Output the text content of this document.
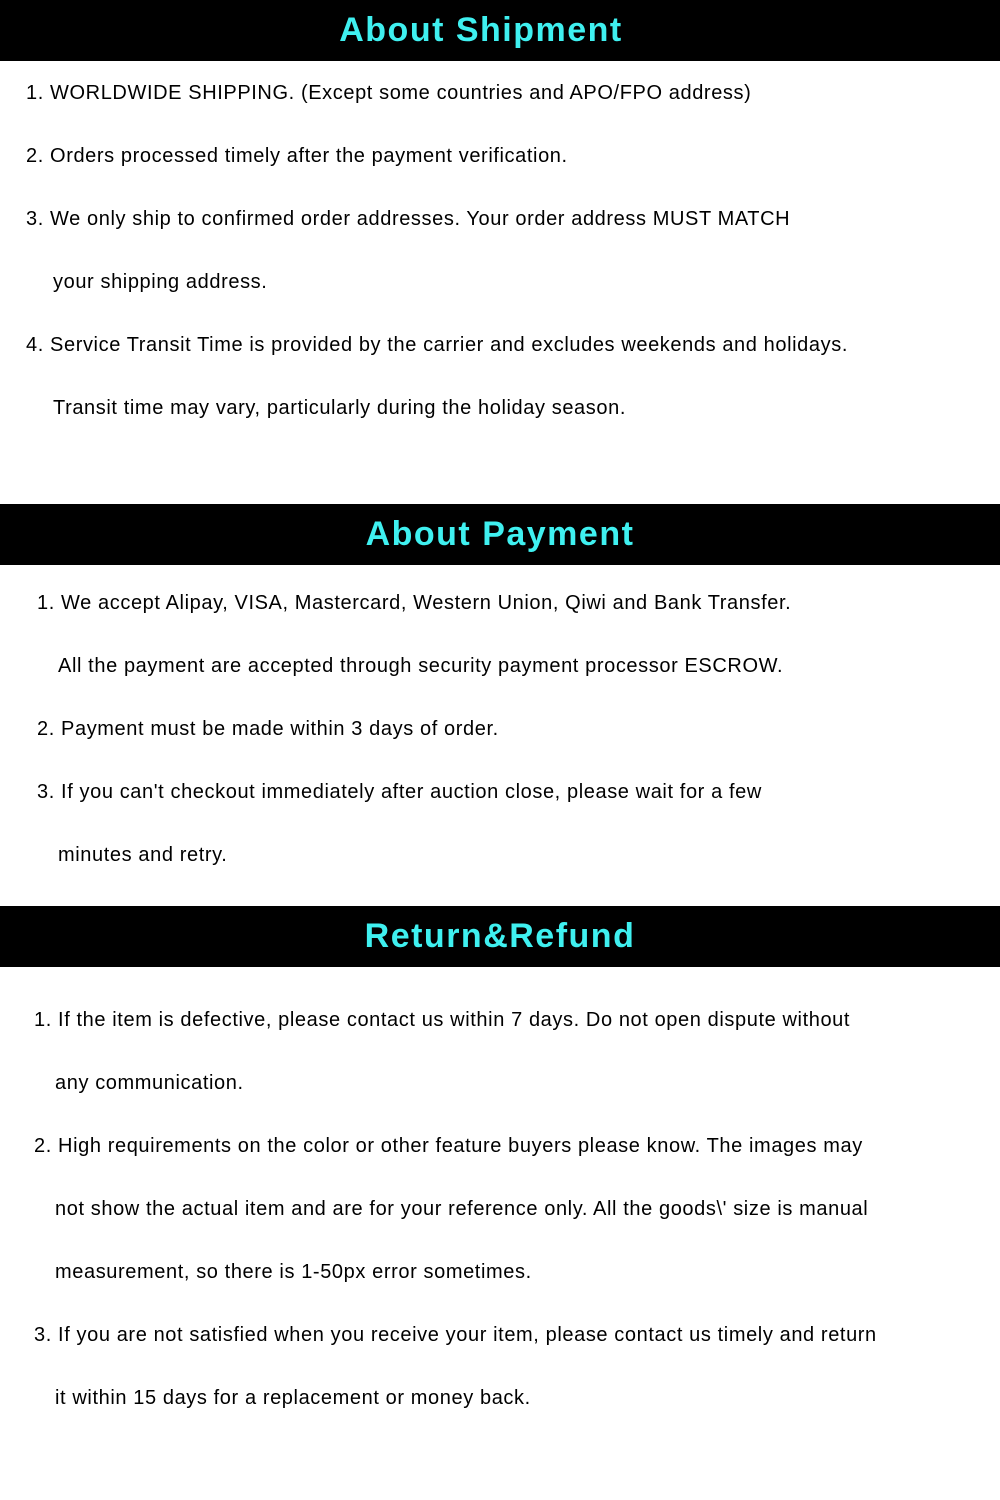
About Shipment
1. WORLDWIDE SHIPPING. (Except some countries and APO/FPO address)
2. Orders processed timely after the payment verification.
3. We only ship to confirmed order addresses. Your order address MUST MATCH
your shipping address.
4. Service Transit Time is provided by the carrier and excludes weekends and holidays.
Transit time may vary, particularly during the holiday season.
About Payment
1. We accept Alipay, VISA, Mastercard, Western Union, Qiwi and Bank Transfer.
All the payment are accepted through security payment processor ESCROW.
2. Payment must be made within 3 days of order.
3. If you can't checkout immediately after auction close, please wait for a few
minutes and retry.
Return&Refund
1. If the item is defective, please contact us within 7 days. Do not open dispute without
any communication.
2. High requirements on the color or other feature buyers please know. The images may
not show the actual item and are for your reference only. All the goods\' size is manual
measurement, so there is 1-50px error sometimes.
3. If you are not satisfied when you receive your item, please contact us timely and return
it within 15 days for a replacement or money back.
